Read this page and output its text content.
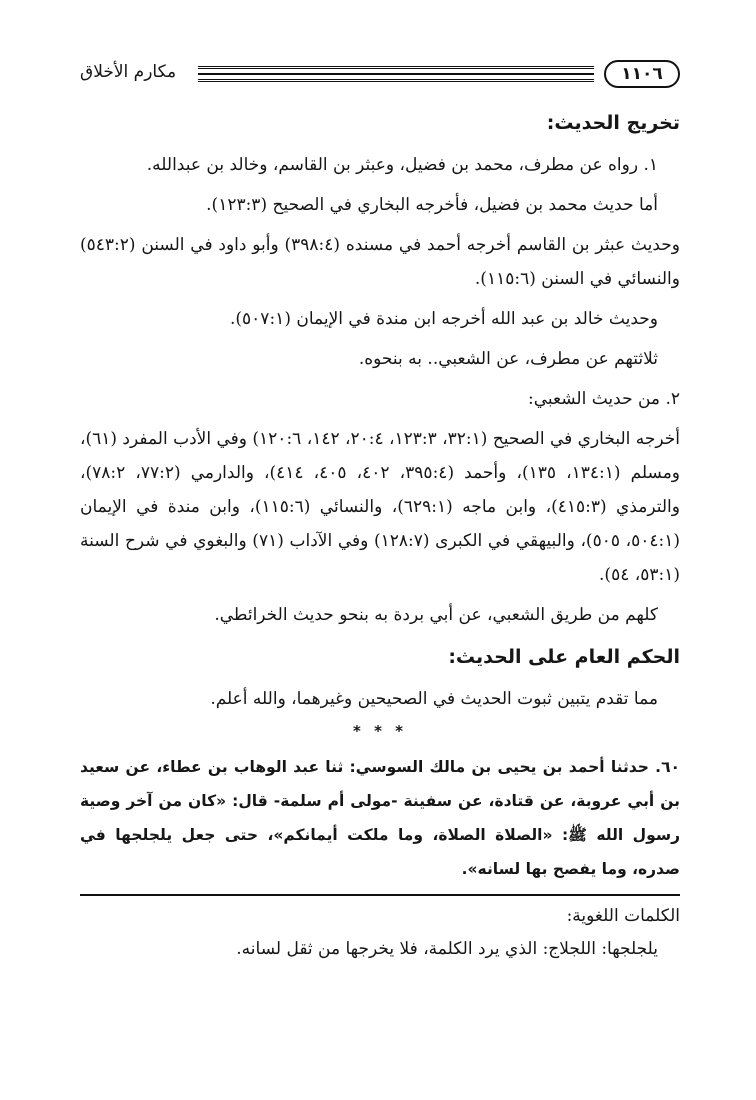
١١٠٦
مكارم الأخلاق
تخريج الحديث:

١. رواه عن مطرف، محمد بن فضيل، وعبثر بن القاسم، وخالد بن عبدالله.

أما حديث محمد بن فضيل، فأخرجه البخاري في الصحيح (١٢٣:٣).

وحديث عبثر بن القاسم أخرجه أحمد في مسنده (٣٩٨:٤) وأبو داود في السنن (٥٤٣:٢) والنسائي في السنن (١١٥:٦).

وحديث خالد بن عبد الله أخرجه ابن مندة في الإيمان (٥٠٧:١).

ثلاثتهم عن مطرف، عن الشعبي.. به بنحوه.

٢. من حديث الشعبي:

أخرجه البخاري في الصحيح (٣٢:١، ١٢٣:٣، ٢٠:٤، ١٤٢، ١٢٠:٦) وفي الأدب المفرد (٦١)، ومسلم (١٣٤:١، ١٣٥)، وأحمد (٣٩٥:٤، ٤٠٢، ٤٠٥، ٤١٤)، والدارمي (٧٧:٢، ٧٨:٢)، والترمذي (٤١٥:٣)، وابن ماجه (٦٢٩:١)، والنسائي (١١٥:٦)، وابن مندة في الإيمان (٥٠٤:١، ٥٠٥)، والبيهقي في الكبرى (١٢٨:٧) وفي الآداب (٧١) والبغوي في شرح السنة (٥٣:١، ٥٤).

كلهم من طريق الشعبي، عن أبي بردة به بنحو حديث الخرائطي.

الحكم العام على الحديث:

مما تقدم يتبين ثبوت الحديث في الصحيحين وغيرهما، والله أعلم.

* * *

٦٠. حدثنا أحمد بن يحيى بن مالك السوسي: ثنا عبد الوهاب بن عطاء، عن سعيد بن أبي عروبة، عن قتادة، عن سفينة -مولى أم سلمة- قال: «كان من آخر وصية رسول الله ﷺ: «الصلاة الصلاة، وما ملكت أيمانكم»، حتى جعل يلجلجها في صدره، وما يفصح بها لسانه».

الكلمات اللغوية:

يلجلجها: اللجلاج: الذي يرد الكلمة، فلا يخرجها من ثقل لسانه.
